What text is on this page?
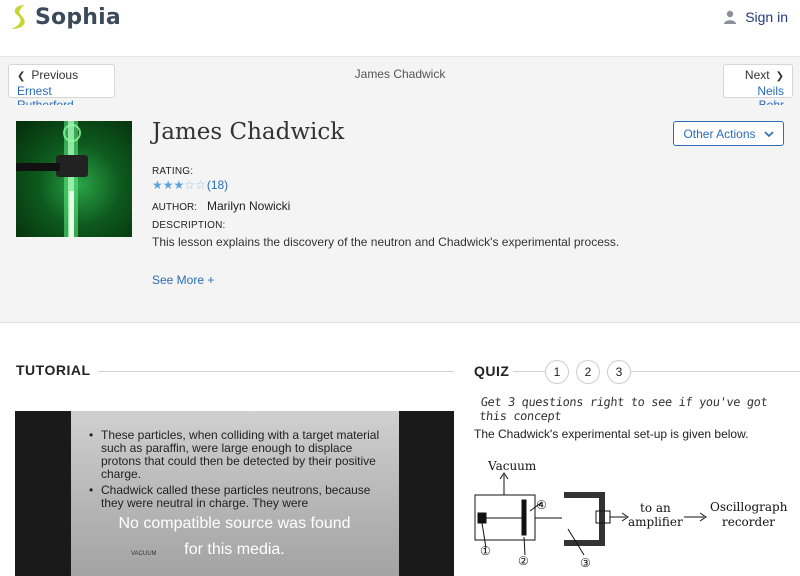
Sophia	Sign in
❮ Previous
Ernest
James Chadwick	Next ❯
Neils
James Chadwick	Other Actions
RATING:
★ ★ ★ ☆ ☆ (18)
AUTHOR: Marilyn Nowicki
DESCRIPTION:
This lesson explains the discovery of the neutron and Chadwick's experimental process.
See More +
TUTORIAL
• These particles, when colliding with a target material such as paraffin, were large enough to displace protons that could then be detected by their positive charge.
• Chadwick called these particles neutrons, because they were neutral in charge. They were
VACUUM
No compatible source was found
for this media.
QUIZ	1	2	3
Get 3 questions right to see if you've got this concept
The Chadwick's experimental set-up is given below.
Vacuum
to an
amplifier
Oscillograph
recorder
①
②	③
④
